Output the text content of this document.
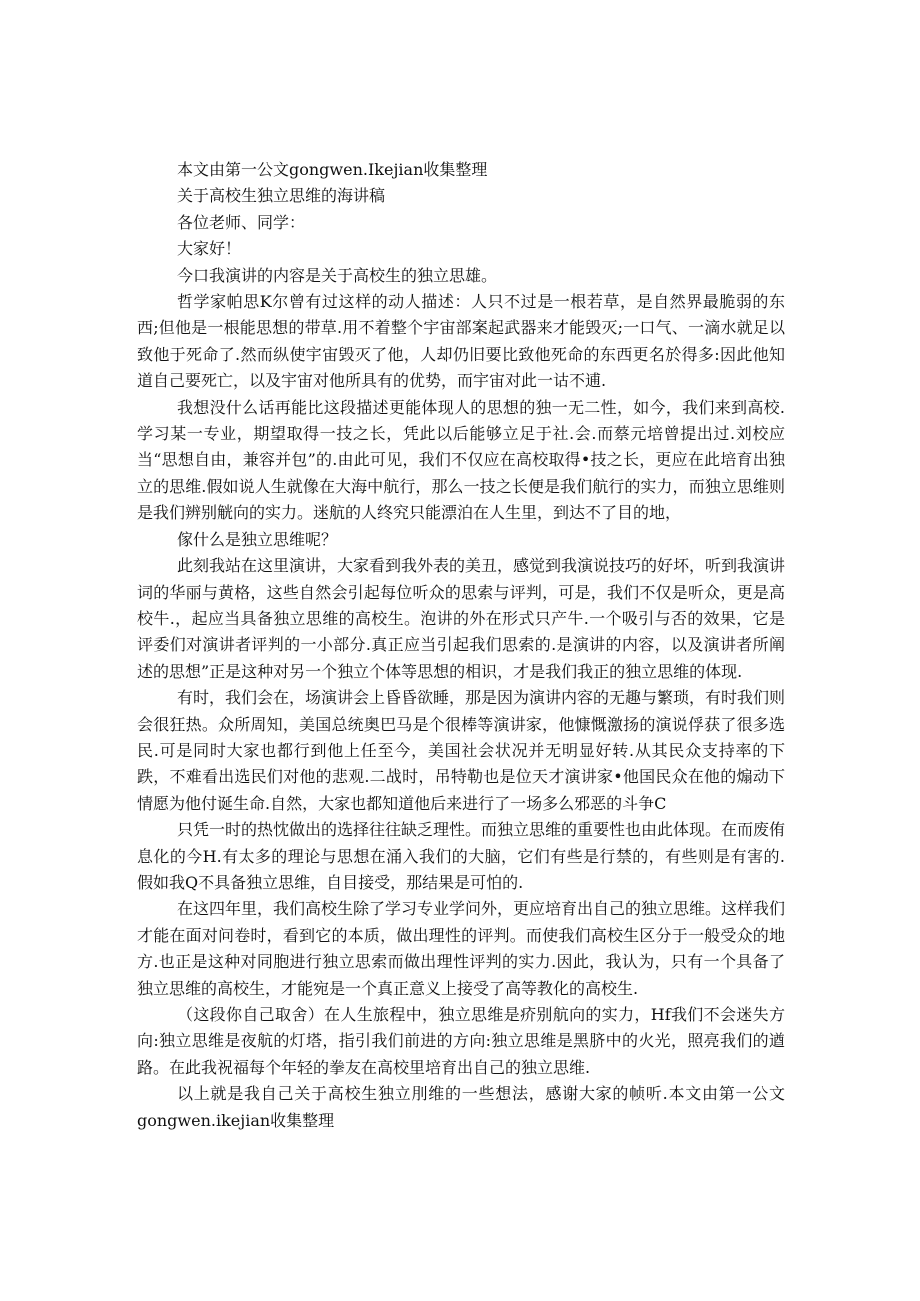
本文由第一公文gongwen.Ikejian收集整理

关于高校生独立思维的海讲稿

各位老师、同学：

大家好！

今口我演讲的内容是关于高校生的独立思雄。

哲学家帕思K尔曾有过这样的动人描述：人只不过是一根若草，是自然界最脆弱的东西;但他是一根能思想的带草.用不着整个宇宙部案起武器来才能毁灭;一口气、一滴水就足以致他于死命了.然而纵使宇宙毁灭了他，人却仍旧要比致他死命的东西更名於得多:因此他知道自己要死亡，以及宇宙对他所具有的优势，而宇宙对此一诂不逋.

我想没什么话再能比这段描述更能体现人的思想的独一无二性，如今，我们来到高校.学习某一专业，期望取得一技之长，凭此以后能够立足于社.会.而蔡元培曾提出过.刘校应当“思想自由，兼容并包”的.由此可见，我们不仅应在高校取得•技之长，更应在此培育出独立的思维.假如说人生就像在大海中航行，那么一技之长便是我们航行的实力，而独立思维则是我们辨别觥向的实力。迷航的人终究只能漂泊在人生里，到达不了目的地，

傢什么是独立思维呢？

此刻我站在这里演讲，大家看到我外表的美丑，感觉到我演说技巧的好坏，听到我演讲词的华丽与黄格，这些自然会引起每位听众的思索与评判，可是，我们不仅是听众，更是高校牛.，起应当具备独立思维的高校生。泡讲的外在形式只产牛.一个吸引与否的效果，它是评委们对演讲者评判的一小部分.真正应当引起我们思索的.是演讲的内容，以及演讲者所阐述的思想”正是这种对另一个独立个体等思想的相识，才是我们我正的独立思维的体现.

有时，我们会在，场演讲会上昏昏欲睡，那是因为演讲内容的无趣与繁琐，有时我们则会很狂热。众所周知，美国总统奥巴马是个很棒等演讲家，他慷慨激扬的演说俘获了很多选民.可是同时大家也都行到他上任至今，美国社会状况并无明显好转.从其民众支持率的下跌，不难看出选民们对他的悲观.二战时，吊特勒也是位天才演讲家•他国民众在他的煽动下情愿为他付诞生命.自然，大家也都知道他后来进行了一场多么邪恶的斗争C

只凭一时的热忱做出的选择往往缺乏理性。而独立思维的重要性也由此体现。在而废侑息化的今H.有太多的理论与思想在涌入我们的大脑，它们有些是行禁的，有些则是有害的.假如我Q不具备独立思维，自目接受，那结果是可怕的.

在这四年里，我们高校生除了学习专业学问外，更应培育出自己的独立思维。这样我们才能在面对问卷时，看到它的本质，做出理性的评判。而使我们高校生区分于一般受众的地方.也正是这种对同胞进行独立思索而做出理性评判的实力.因此，我认为，只有一个具备了独立思维的高校生，才能宛是一个真正意义上接受了高等教化的高校生.

（这段你自己取舍）在人生旅程中，独立思维是疥别航向的实力，Hf我们不会迷失方向:独立思维是夜航的灯塔，指引我们前进的方向:独立思维是黑脐中的火光，照亮我们的遒路。在此我祝福每个年轻的拳友在高校里培育出自己的独立思维.

以上就是我自己关于高校生独立刖维的一些想法，感谢大家的帧听.本文由第一公文gongwen.ikejian收集整理
